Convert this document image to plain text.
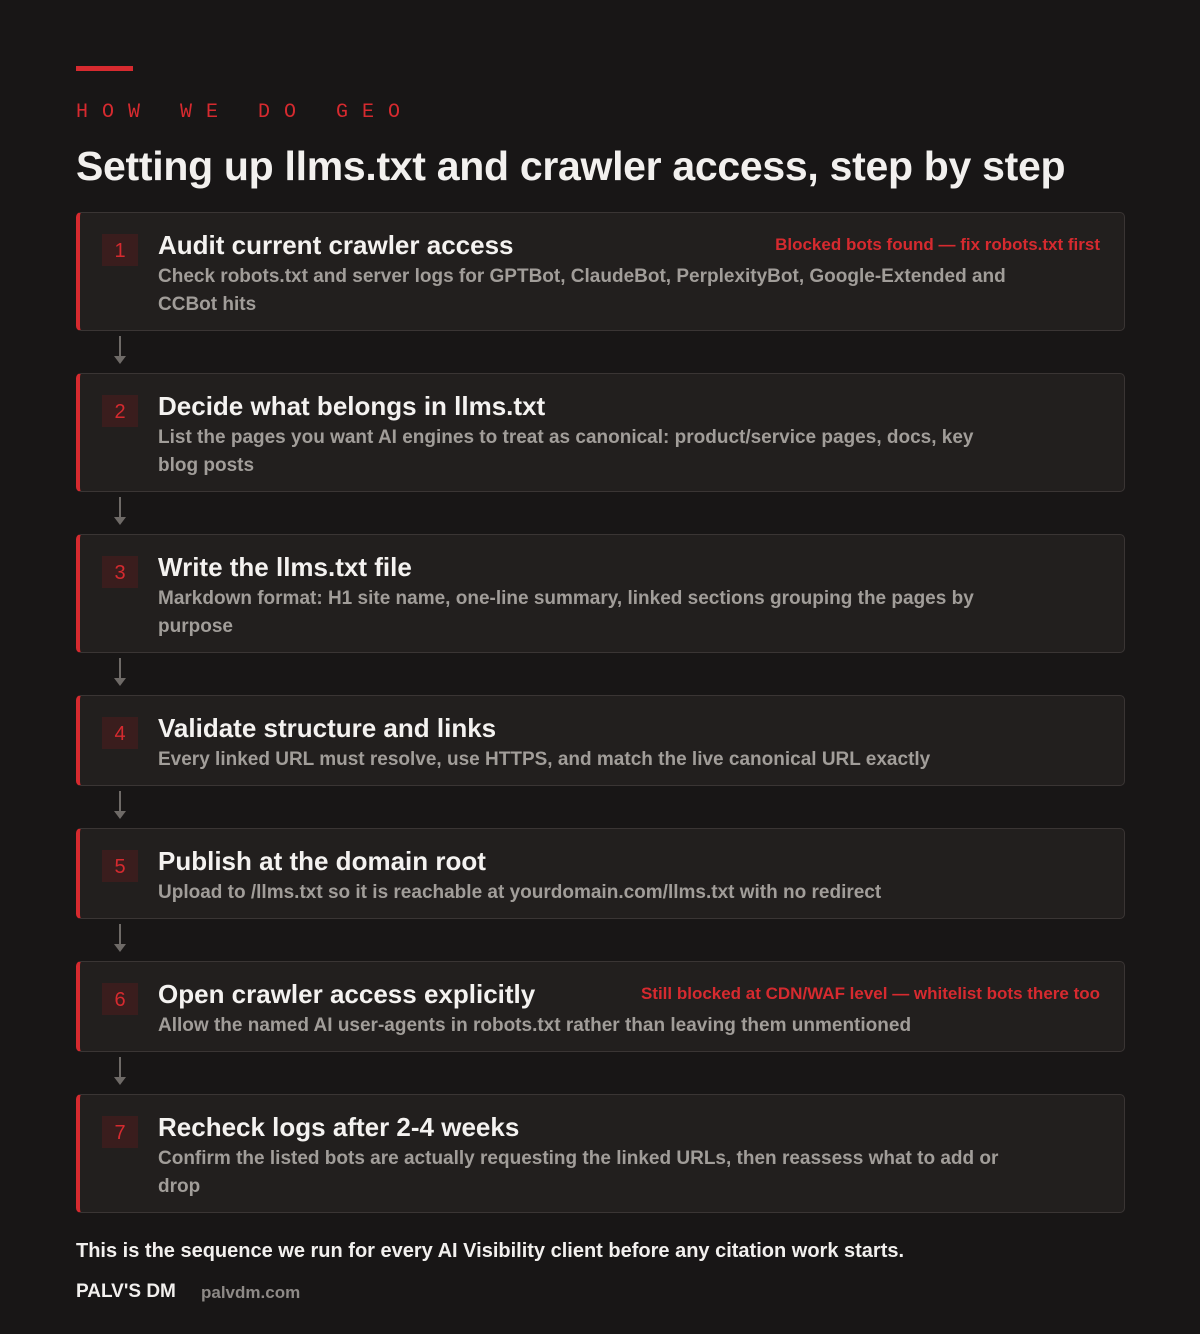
HOW WE DO GEO
Setting up llms.txt and crawler access, step by step
1	Audit current crawler access	Blocked bots found — fix robots.txt first
Check robots.txt and server logs for GPTBot, ClaudeBot, PerplexityBot, Google-Extended and CCBot hits
2	Decide what belongs in llms.txt
List the pages you want AI engines to treat as canonical: product/service pages, docs, key blog posts
3	Write the llms.txt file
Markdown format: H1 site name, one-line summary, linked sections grouping the pages by purpose
4	Validate structure and links
Every linked URL must resolve, use HTTPS, and match the live canonical URL exactly
5	Publish at the domain root
Upload to /llms.txt so it is reachable at yourdomain.com/llms.txt with no redirect
6	Open crawler access explicitly	Still blocked at CDN/WAF level — whitelist bots there too
Allow the named AI user-agents in robots.txt rather than leaving them unmentioned
7	Recheck logs after 2-4 weeks
Confirm the listed bots are actually requesting the linked URLs, then reassess what to add or drop
This is the sequence we run for every AI Visibility client before any citation work starts.
PALV'S DM palvdm.com
